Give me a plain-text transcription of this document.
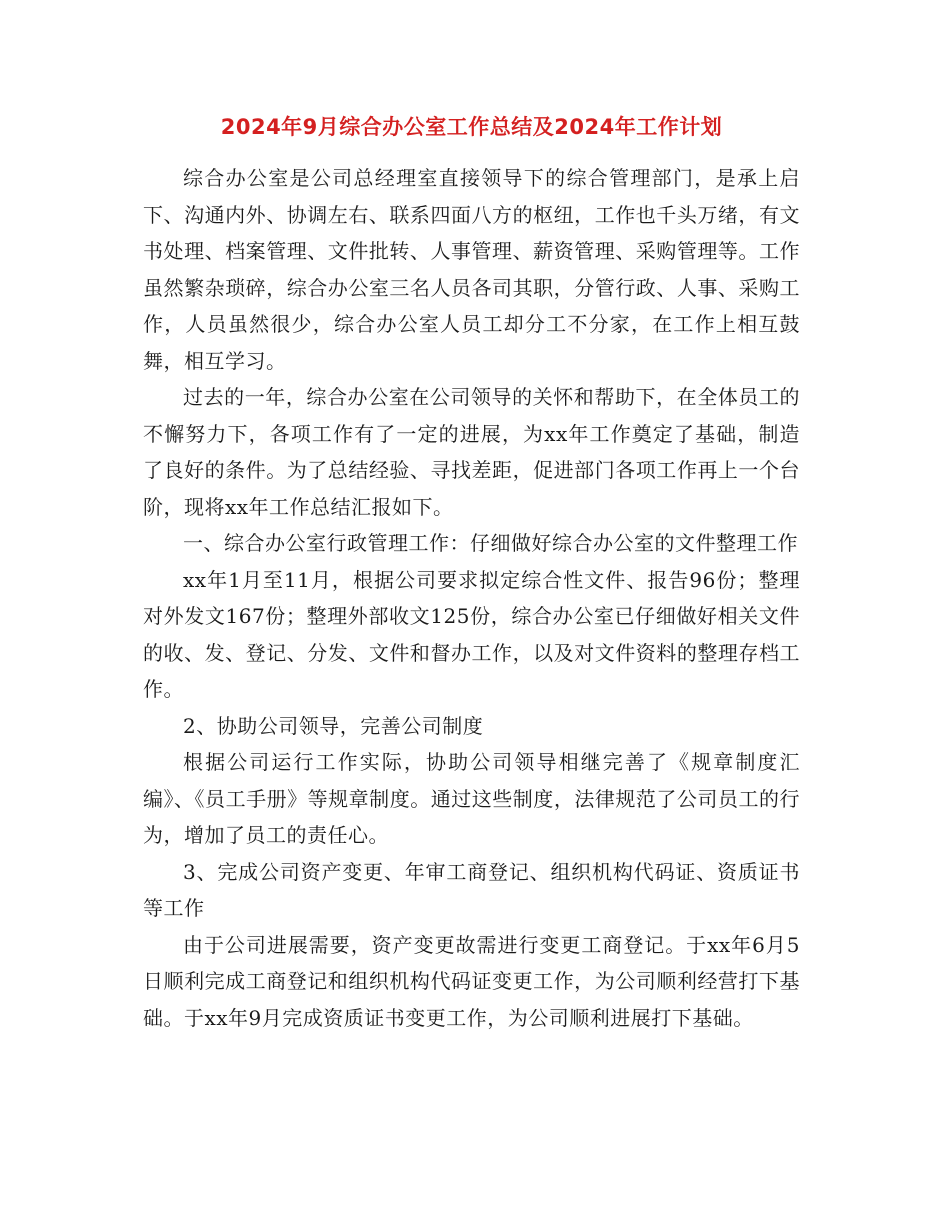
2024年9月综合办公室工作总结及2024年工作计划

综合办公室是公司总经理室直接领导下的综合管理部门，是承上启下、沟通内外、协调左右、联系四面八方的枢纽，工作也千头万绪，有文书处理、档案管理、文件批转、人事管理、薪资管理、采购管理等。工作虽然繁杂琐碎，综合办公室三名人员各司其职，分管行政、人事、采购工作，人员虽然很少，综合办公室人员工却分工不分家，在工作上相互鼓舞，相互学习。

过去的一年，综合办公室在公司领导的关怀和帮助下，在全体员工的不懈努力下，各项工作有了一定的进展，为xx年工作奠定了基础，制造了良好的条件。为了总结经验、寻找差距，促进部门各项工作再上一个台阶，现将xx年工作总结汇报如下。

一、综合办公室行政管理工作：仔细做好综合办公室的文件整理工作

xx年1月至11月，根据公司要求拟定综合性文件、报告96份；整理对外发文167份；整理外部收文125份，综合办公室已仔细做好相关文件的收、发、登记、分发、文件和督办工作，以及对文件资料的整理存档工作。

2、协助公司领导，完善公司制度

根据公司运行工作实际，协助公司领导相继完善了《规章制度汇编》、《员工手册》等规章制度。通过这些制度，法律规范了公司员工的行为，增加了员工的责任心。

3、完成公司资产变更、年审工商登记、组织机构代码证、资质证书等工作

由于公司进展需要，资产变更故需进行变更工商登记。于xx年6月5日顺利完成工商登记和组织机构代码证变更工作，为公司顺利经营打下基础。于xx年9月完成资质证书变更工作，为公司顺利进展打下基础。
